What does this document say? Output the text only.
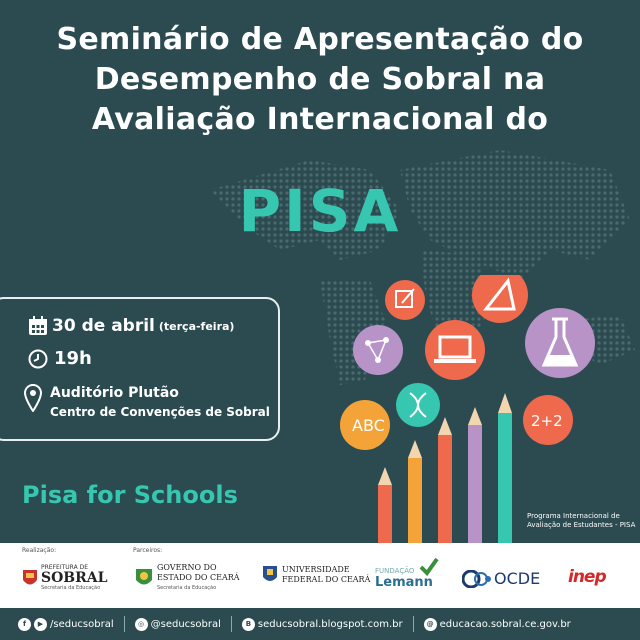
Seminário de Apresentação do
Desempenho de Sobral na
Avaliação Internacional do
PISA
30 de abril (terça-feira)
19h
Auditório Plutão
Centro de Convenções de Sobral
Pisa for Schools
ABC	2+2
Programa Internacional de
Avaliação de Estudantes - PISA
Realização:	Parceiros:
PREFEITURA DE
SOBRAL
Secretaria da Educação
GOVERNO DO
ESTADO DO CEARÁ
Secretaria da Educação
UNIVERSIDADE
FEDERAL DO CEARÁ
FUNDAÇÃO
Lemann	OCDE inep
f	▶ /seducsobral	◎ @seducsobral	B seducsobral.blogspot.com.br	@ educacao.sobral.ce.gov.br
